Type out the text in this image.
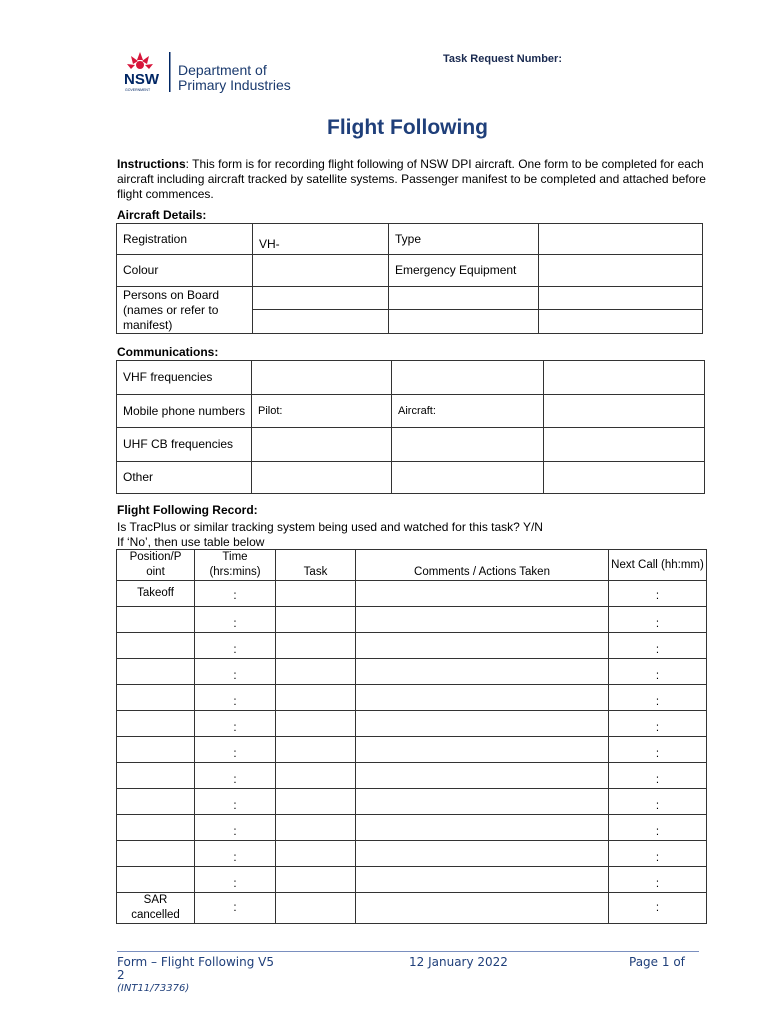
NSW
GOVERNMENT
Department of
Primary Industries
Task Request Number:
Flight Following
Instructions: This form is for recording flight following of NSW DPI aircraft. One form to be completed for each aircraft including aircraft tracked by satellite systems. Passenger manifest to be completed and attached before flight commences.
Aircraft Details:
Registration	VH-	Type	
Colour		Emergency Equipment	
Persons on Board (names or refer to manifest)			

Communications:
VHF frequencies			
Mobile phone numbers	Pilot:	Aircraft:	
UHF CB frequencies			
Other			
Flight Following Record:
Is TracPlus or similar tracking system being used and watched for this task? Y/N
If ‘No’, then use table below
Position/P oint	Time (hrs:mins)	Task	Comments / Actions Taken	Next Call (hh:mm)
Takeoff	:			:
	:			:
	:			:
	:			:
	:			:
	:			:
	:			:
	:			:
	:			:
	:			:
	:			:
	:			:
SAR cancelled	:			:
Form – Flight Following V5
2
12 January 2022	Page 1 of
(INT11/73376)
